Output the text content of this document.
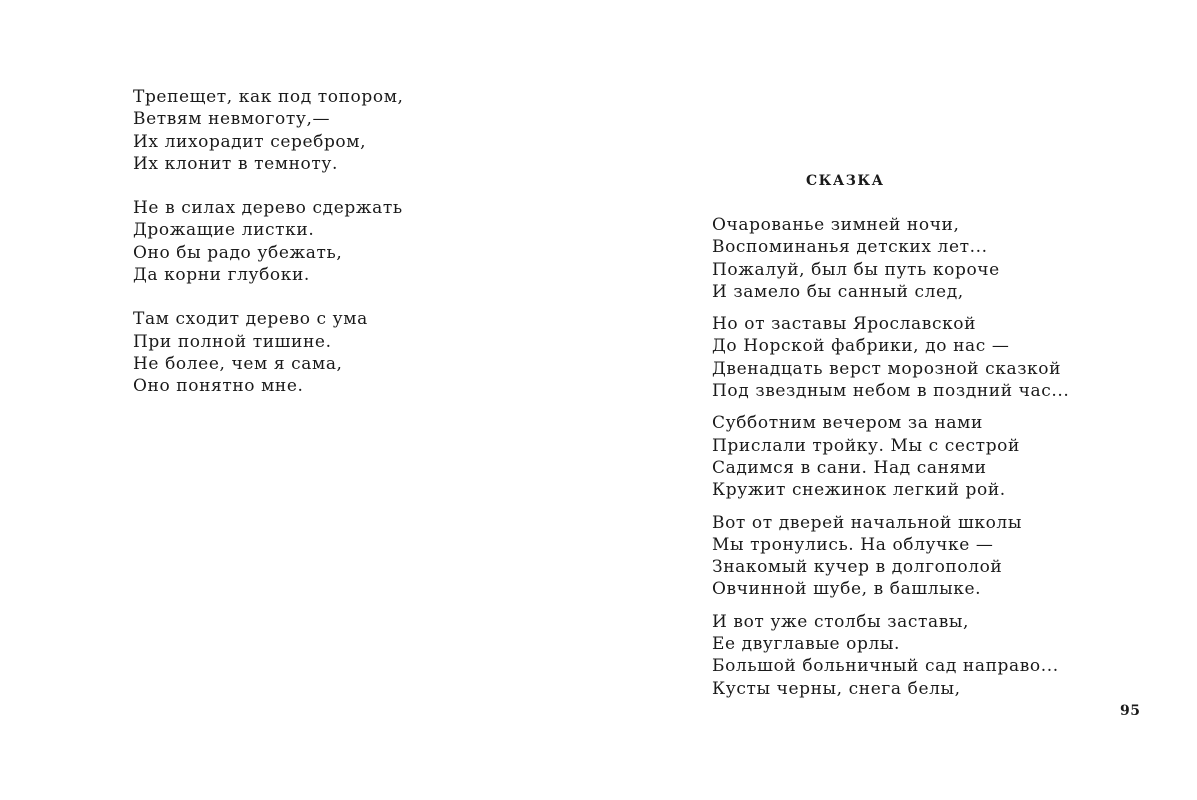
Трепещет, как под топором,
Ветвям невмоготу,—
Их лихорадит серебром,
Их клонит в темноту.
Не в силах дерево сдержать
Дрожащие листки.
Оно бы радо убежать,
Да корни глубоки.
Там сходит дерево с ума
При полной тишине.
Не более, чем я сама,
Оно понятно мне.
СКАЗКА
Очарованье зимней ночи,
Воспоминанья детских лет...
Пожалуй, был бы путь короче
И замело бы санный след,
Но от заставы Ярославской
До Норской фабрики, до нас —
Двенадцать верст морозной сказкой
Под звездным небом в поздний час...
Субботним вечером за нами
Прислали тройку. Мы с сестрой
Садимся в сани. Над санями
Кружит снежинок легкий рой.
Вот от дверей начальной школы
Мы тронулись. На облучке —
Знакомый кучер в долгополой
Овчинной шубе, в башлыке.
И вот уже столбы заставы,
Ее двуглавые орлы.
Большой больничный сад направо...
Кусты черны, снега белы,
95
